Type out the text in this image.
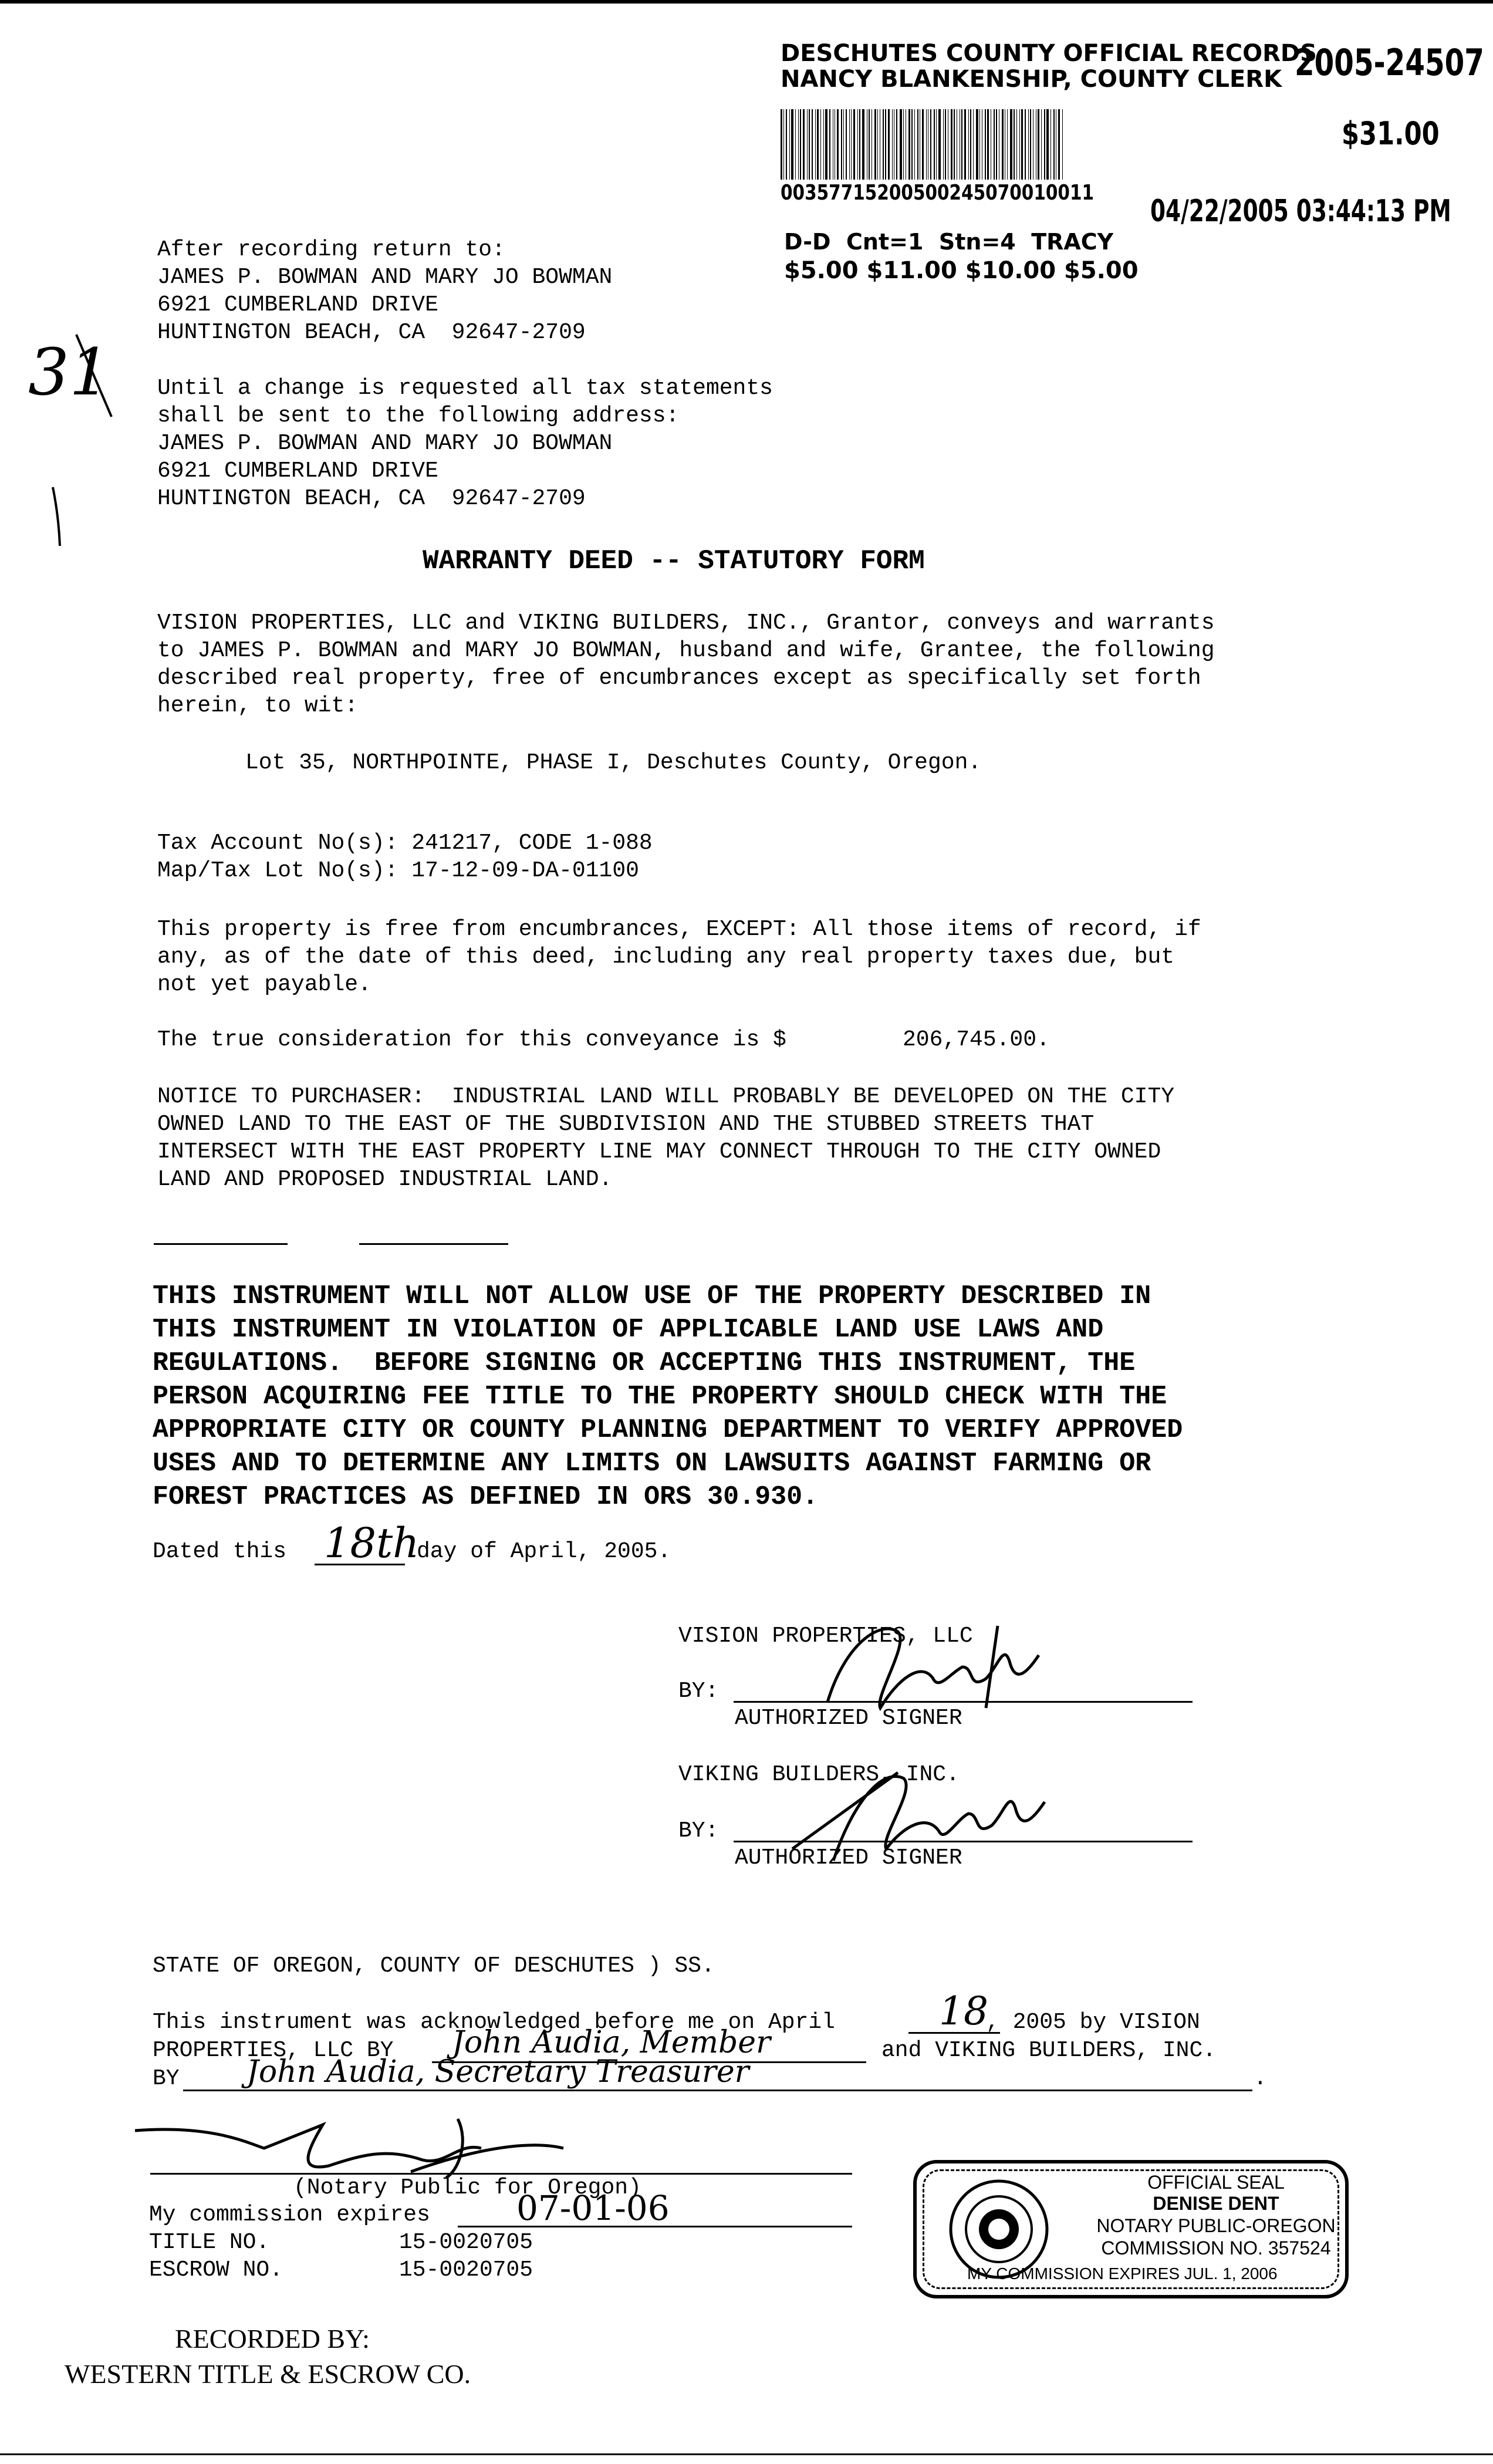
DESCHUTES COUNTY OFFICIAL RECORDS
NANCY BLANKENSHIP, COUNTY CLERK 2005-24507
$31.00
00357715200500245070010011
04/22/2005 03:44:13 PM
D-D  Cnt=1  Stn=4  TRACY
$5.00 $11.00 $10.00 $5.00
31
After recording return to:
JAMES P. BOWMAN AND MARY JO BOWMAN
6921 CUMBERLAND DRIVE
HUNTINGTON BEACH, CA  92647-2709
Until a change is requested all tax statements
shall be sent to the following address:
JAMES P. BOWMAN AND MARY JO BOWMAN
6921 CUMBERLAND DRIVE
HUNTINGTON BEACH, CA  92647-2709
WARRANTY DEED -- STATUTORY FORM
VISION PROPERTIES, LLC and VIKING BUILDERS, INC., Grantor, conveys and warrants
to JAMES P. BOWMAN and MARY JO BOWMAN, husband and wife, Grantee, the following
described real property, free of encumbrances except as specifically set forth
herein, to wit:
Lot 35, NORTHPOINTE, PHASE I, Deschutes County, Oregon.
Tax Account No(s): 241217, CODE 1-088
Map/Tax Lot No(s): 17-12-09-DA-01100
This property is free from encumbrances, EXCEPT: All those items of record, if
any, as of the date of this deed, including any real property taxes due, but
not yet payable.
The true consideration for this conveyance is $	206,745.00.
NOTICE TO PURCHASER:  INDUSTRIAL LAND WILL PROBABLY BE DEVELOPED ON THE CITY
OWNED LAND TO THE EAST OF THE SUBDIVISION AND THE STUBBED STREETS THAT
INTERSECT WITH THE EAST PROPERTY LINE MAY CONNECT THROUGH TO THE CITY OWNED
LAND AND PROPOSED INDUSTRIAL LAND.
THIS INSTRUMENT WILL NOT ALLOW USE OF THE PROPERTY DESCRIBED IN
THIS INSTRUMENT IN VIOLATION OF APPLICABLE LAND USE LAWS AND
REGULATIONS.  BEFORE SIGNING OR ACCEPTING THIS INSTRUMENT, THE
PERSON ACQUIRING FEE TITLE TO THE PROPERTY SHOULD CHECK WITH THE
APPROPRIATE CITY OR COUNTY PLANNING DEPARTMENT TO VERIFY APPROVED
USES AND TO DETERMINE ANY LIMITS ON LAWSUITS AGAINST FARMING OR
FOREST PRACTICES AS DEFINED IN ORS 30.930.
Dated this 18th
day of April, 2005.
VISION PROPERTIES, LLC
BY:
AUTHORIZED SIGNER
VIKING BUILDERS, INC.
BY:
AUTHORIZED SIGNER
STATE OF OREGON, COUNTY OF DESCHUTES ) SS.
This instrument was acknowledged before me on April	18
, 2005 by VISION
PROPERTIES, LLC BY John Audia, Member	and VIKING BUILDERS, INC.
BY John Audia, Secretary Treasurer	.
(Notary Public for Oregon)
My commission expires	07-01-06
TITLE NO.	15-0020705
ESCROW NO.	15-0020705
OFFICIAL SEAL
DENISE DENT
NOTARY PUBLIC-OREGON
COMMISSION NO. 357524
MY COMMISSION EXPIRES JUL. 1, 2006
RECORDED BY:
WESTERN TITLE & ESCROW CO.
